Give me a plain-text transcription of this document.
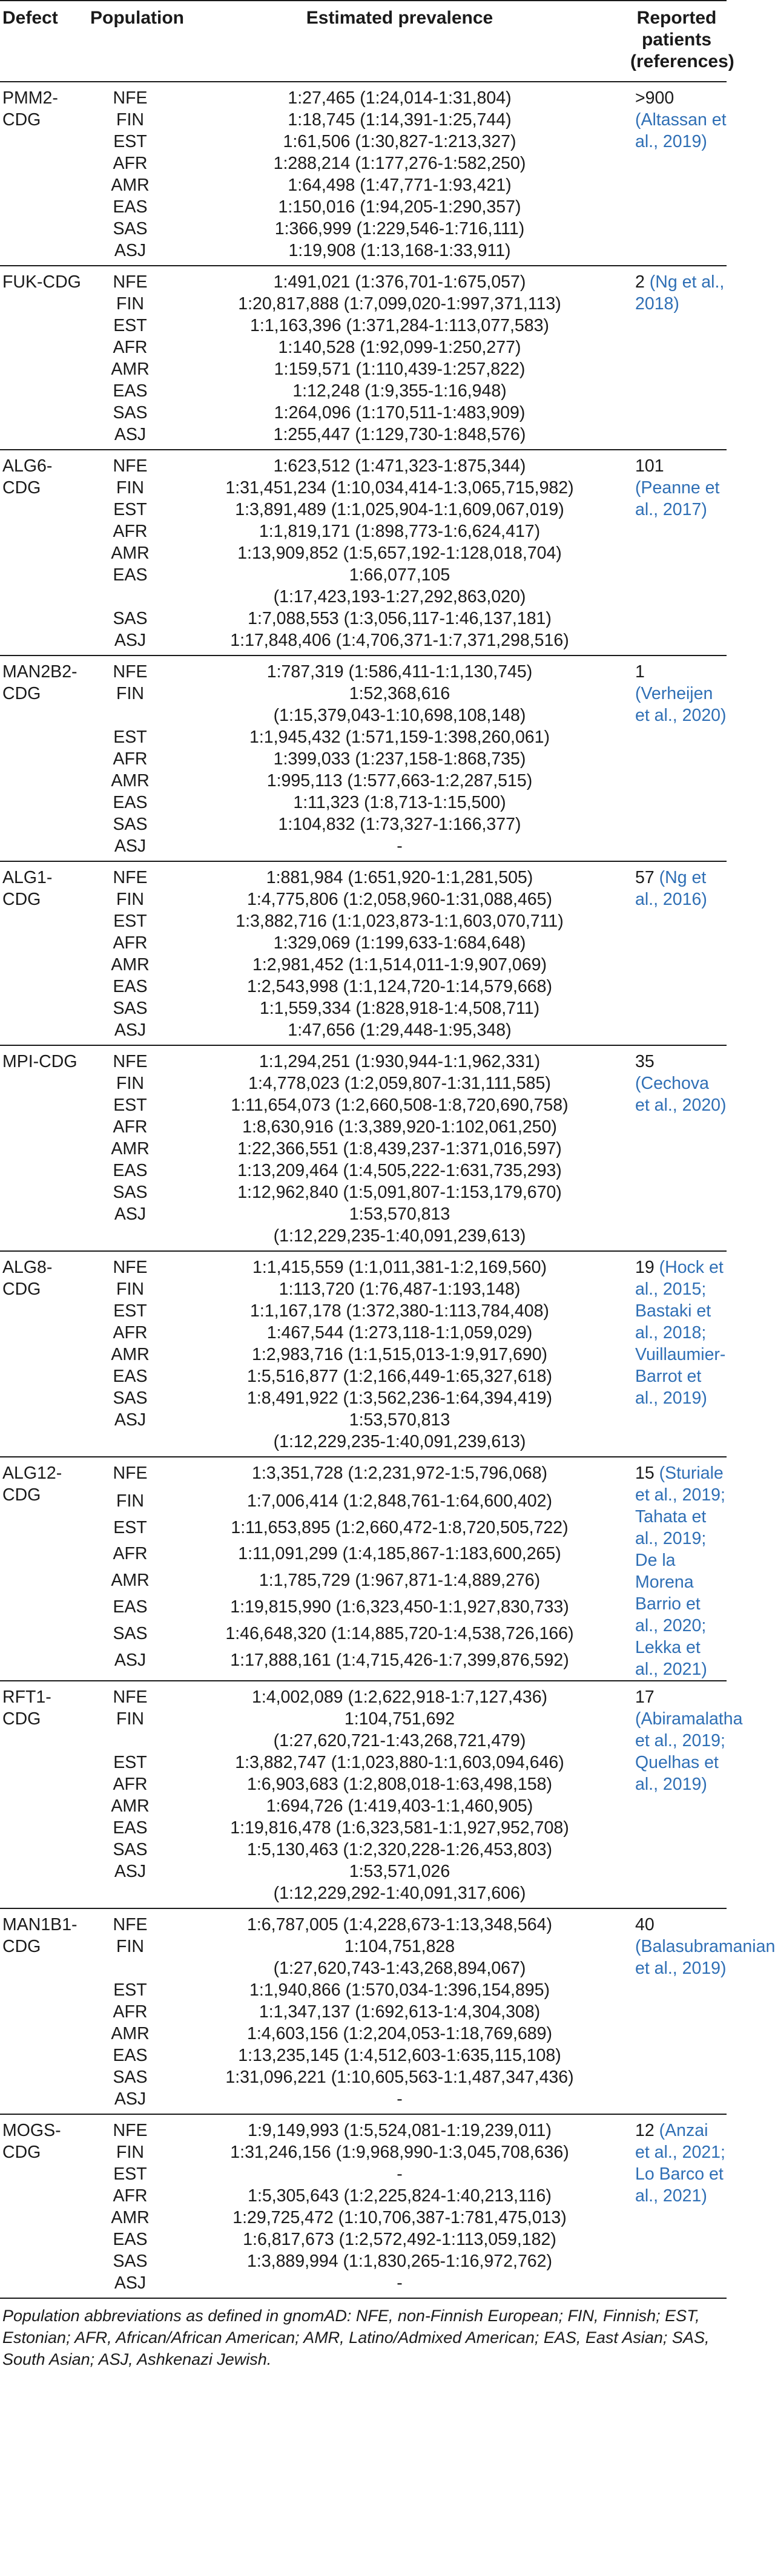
Defect	Population	Estimated prevalence	Reported patients (references)
PMM2-CDG	NFE	1:27,465 (1:24,014-1:31,804)	>900 (Altassan et al., 2019)
	FIN	1:18,745 (1:14,391-1:25,744)	

	EST	1:61,506 (1:30,827-1:213,327)	

	AFR	1:288,214 (1:177,276-1:582,250)	

	AMR	1:64,498 (1:47,771-1:93,421)	

	EAS	1:150,016 (1:94,205-1:290,357)	

	SAS	1:366,999 (1:229,546-1:716,111)	

	ASJ	1:19,908 (1:13,168-1:33,911)	

FUK-CDG	NFE	1:491,021 (1:376,701-1:675,057)	2 (Ng et al., 2018)
	FIN	1:20,817,888 (1:7,099,020-1:997,371,113)	

	EST	1:1,163,396 (1:371,284-1:113,077,583)	

	AFR	1:140,528 (1:92,099-1:250,277)	

	AMR	1:159,571 (1:110,439-1:257,822)	

	EAS	1:12,248 (1:9,355-1:16,948)	

	SAS	1:264,096 (1:170,511-1:483,909)	

	ASJ	1:255,447 (1:129,730-1:848,576)	

ALG6-CDG	NFE	1:623,512 (1:471,323-1:875,344)	101 (Peanne et al., 2017)
	FIN	1:31,451,234 (1:10,034,414-1:3,065,715,982)	

	EST	1:3,891,489 (1:1,025,904-1:1,609,067,019)	

	AFR	1:1,819,171 (1:898,773-1:6,624,417)	

	AMR	1:13,909,852 (1:5,657,192-1:128,018,704)	

	EAS	1:66,077,105
(1:17,423,193-1:27,292,863,020)	

	SAS	1:7,088,553 (1:3,056,117-1:46,137,181)	

	ASJ	1:17,848,406 (1:4,706,371-1:7,371,298,516)	

MAN2B2-CDG	NFE	1:787,319 (1:586,411-1:1,130,745)	1 (Verheijen et al., 2020)
	FIN	1:52,368,616
(1:15,379,043-1:10,698,108,148)	

	EST	1:1,945,432 (1:571,159-1:398,260,061)	

	AFR	1:399,033 (1:237,158-1:868,735)	

	AMR	1:995,113 (1:577,663-1:2,287,515)	

	EAS	1:11,323 (1:8,713-1:15,500)	

	SAS	1:104,832 (1:73,327-1:166,377)	

	ASJ	-	

ALG1-CDG	NFE	1:881,984 (1:651,920-1:1,281,505)	57 (Ng et al., 2016)
	FIN	1:4,775,806 (1:2,058,960-1:31,088,465)	

	EST	1:3,882,716 (1:1,023,873-1:1,603,070,711)	

	AFR	1:329,069 (1:199,633-1:684,648)	

	AMR	1:2,981,452 (1:1,514,011-1:9,907,069)	

	EAS	1:2,543,998 (1:1,124,720-1:14,579,668)	

	SAS	1:1,559,334 (1:828,918-1:4,508,711)	

	ASJ	1:47,656 (1:29,448-1:95,348)	

MPI-CDG	NFE	1:1,294,251 (1:930,944-1:1,962,331)	35 (Cechova et al., 2020)
	FIN	1:4,778,023 (1:2,059,807-1:31,111,585)	

	EST	1:11,654,073 (1:2,660,508-1:8,720,690,758)	

	AFR	1:8,630,916 (1:3,389,920-1:102,061,250)	

	AMR	1:22,366,551 (1:8,439,237-1:371,016,597)	

	EAS	1:13,209,464 (1:4,505,222-1:631,735,293)	

	SAS	1:12,962,840 (1:5,091,807-1:153,179,670)	

	ASJ	1:53,570,813
(1:12,229,235-1:40,091,239,613)	

ALG8-CDG	NFE	1:1,415,559 (1:1,011,381-1:2,169,560)	19 (Hock et al., 2015; Bastaki et al., 2018; Vuillaumier-Barrot et al., 2019)
	FIN	1:113,720 (1:76,487-1:193,148)	

	EST	1:1,167,178 (1:372,380-1:113,784,408)	

	AFR	1:467,544 (1:273,118-1:1,059,029)	

	AMR	1:2,983,716 (1:1,515,013-1:9,917,690)	

	EAS	1:5,516,877 (1:2,166,449-1:65,327,618)	

	SAS	1:8,491,922 (1:3,562,236-1:64,394,419)	

	ASJ	1:53,570,813
(1:12,229,235-1:40,091,239,613)	

ALG12-CDG	NFE	1:3,351,728 (1:2,231,972-1:5,796,068)	15 (Sturiale et al., 2019; Tahata et al., 2019; De la Morena Barrio et al., 2020; Lekka et al., 2021)
	FIN	1:7,006,414 (1:2,848,761-1:64,600,402)	

	EST	1:11,653,895 (1:2,660,472-1:8,720,505,722)	

	AFR	1:11,091,299 (1:4,185,867-1:183,600,265)	

	AMR	1:1,785,729 (1:967,871-1:4,889,276)	

	EAS	1:19,815,990 (1:6,323,450-1:1,927,830,733)	

	SAS	1:46,648,320 (1:14,885,720-1:4,538,726,166)	

	ASJ	1:17,888,161 (1:4,715,426-1:7,399,876,592)	

RFT1-CDG	NFE	1:4,002,089 (1:2,622,918-1:7,127,436)	17 (Abiramalatha et al., 2019; Quelhas et al., 2019)
	FIN	1:104,751,692
(1:27,620,721-1:43,268,721,479)	

	EST	1:3,882,747 (1:1,023,880-1:1,603,094,646)	

	AFR	1:6,903,683 (1:2,808,018-1:63,498,158)	

	AMR	1:694,726 (1:419,403-1:1,460,905)	

	EAS	1:19,816,478 (1:6,323,581-1:1,927,952,708)	

	SAS	1:5,130,463 (1:2,320,228-1:26,453,803)	

	ASJ	1:53,571,026
(1:12,229,292-1:40,091,317,606)	

MAN1B1-CDG	NFE	1:6,787,005 (1:4,228,673-1:13,348,564)	40 (Balasubramanian et al., 2019)
	FIN	1:104,751,828
(1:27,620,743-1:43,268,894,067)	

	EST	1:1,940,866 (1:570,034-1:396,154,895)	

	AFR	1:1,347,137 (1:692,613-1:4,304,308)	

	AMR	1:4,603,156 (1:2,204,053-1:18,769,689)	

	EAS	1:13,235,145 (1:4,512,603-1:635,115,108)	

	SAS	1:31,096,221 (1:10,605,563-1:1,487,347,436)	

	ASJ	-	

MOGS-CDG	NFE	1:9,149,993 (1:5,524,081-1:19,239,011)	12 (Anzai et al., 2021; Lo Barco et al., 2021)
	FIN	1:31,246,156 (1:9,968,990-1:3,045,708,636)	

	EST	-	

	AFR	1:5,305,643 (1:2,225,824-1:40,213,116)	

	AMR	1:29,725,472 (1:10,706,387-1:781,475,013)	

	EAS	1:6,817,673 (1:2,572,492-1:113,059,182)	

	SAS	1:3,889,994 (1:1,830,265-1:16,972,762)	

	ASJ	-	
Population abbreviations as defined in gnomAD: NFE, non-Finnish European; FIN, Finnish; EST, Estonian; AFR, African/African American; AMR, Latino/Admixed American; EAS, East Asian; SAS, South Asian; ASJ, Ashkenazi Jewish.
